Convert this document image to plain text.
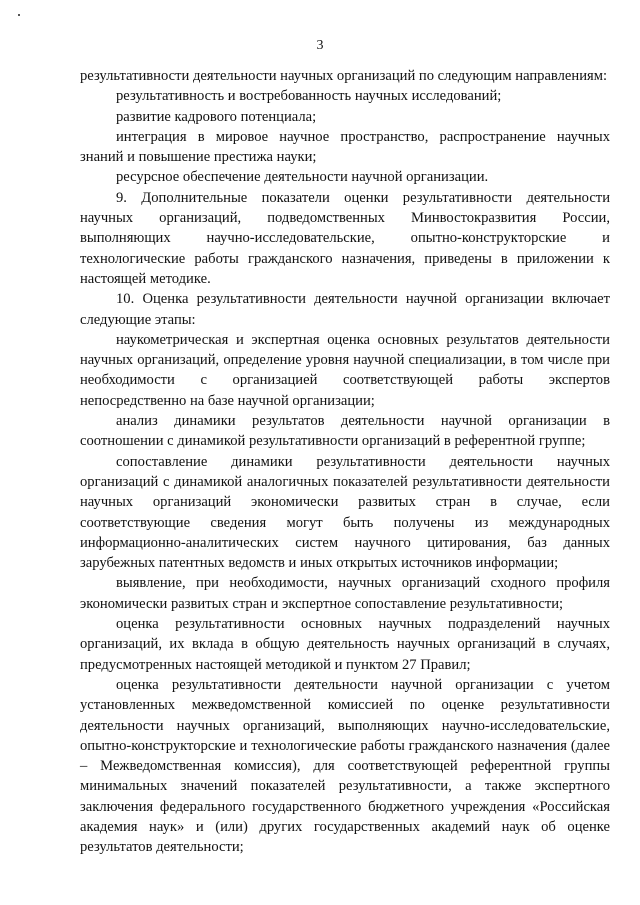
3

результативности деятельности научных организаций по следующим направлениям:

результативность и востребованность научных исследований;

развитие кадрового потенциала;

интеграция в мировое научное пространство, распространение научных знаний и повышение престижа науки;

ресурсное обеспечение деятельности научной организации.

9. Дополнительные показатели оценки результативности деятельности научных организаций, подведомственных Минвостокразвития России, выполняющих научно-исследовательские, опытно-конструкторские и технологические работы гражданского назначения, приведены в приложении к настоящей методике.

10. Оценка результативности деятельности научной организации включает следующие этапы:

наукометрическая и экспертная оценка основных результатов деятельности научных организаций, определение уровня научной специализации, в том числе при необходимости с организацией соответствующей работы экспертов непосредственно на базе научной организации;

анализ динамики результатов деятельности научной организации в соотношении с динамикой результативности организаций в референтной группе;

сопоставление динамики результативности деятельности научных организаций с динамикой аналогичных показателей результативности деятельности научных организаций экономически развитых стран в случае, если соответствующие сведения могут быть получены из международных информационно-аналитических систем научного цитирования, баз данных зарубежных патентных ведомств и иных открытых источников информации;

выявление, при необходимости, научных организаций сходного профиля экономически развитых стран и экспертное сопоставление результативности;

оценка результативности основных научных подразделений научных организаций, их вклада в общую деятельность научных организаций в случаях, предусмотренных настоящей методикой и пунктом 27 Правил;

оценка результативности деятельности научной организации с учетом установленных межведомственной комиссией по оценке результативности деятельности научных организаций, выполняющих научно-исследовательские, опытно-конструкторские и технологические работы гражданского назначения (далее – Межведомственная комиссия), для соответствующей референтной группы минимальных значений показателей результативности, а также экспертного заключения федерального государственного бюджетного учреждения «Российская академия наук» и (или) других государственных академий наук об оценке результатов деятельности;
